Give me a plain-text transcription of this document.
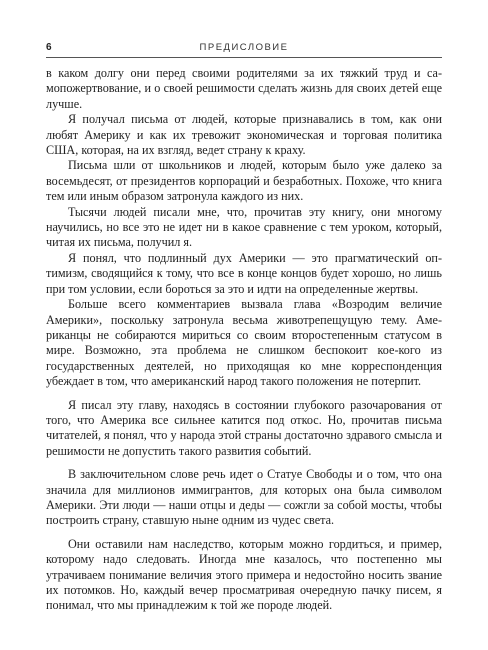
6	ПРЕДИСЛОВИЕ

в каком долгу они перед своими родителями за их тяжкий труд и самопожертвование, и о своей решимости сделать жизнь для своих детей еще лучше.

Я получал письма от людей, которые признавались в том, как они любят Америку и как их тревожит экономическая и торговая политика США, которая, на их взгляд, ведет страну к краху.

Письма шли от школьников и людей, которым было уже далеко за восемьдесят, от президентов корпораций и безработных. Похоже, что книга тем или иным образом затронула каждого из них.

Тысячи людей писали мне, что, прочитав эту книгу, они многому научились, но все это не идет ни в какое сравнение с тем уроком, который, читая их письма, получил я.

Я понял, что подлинный дух Америки — это прагматический оптимизм, сводящийся к тому, что все в конце концов будет хорошо, но лишь при том условии, если бороться за это и идти на определенные жертвы.

Больше всего комментариев вызвала глава «Возродим величие Америки», поскольку затронула весьма животрепещущую тему. Американцы не собираются мириться со своим второстепенным статусом в мире. Возможно, эта проблема не слишком беспокоит кое-кого из государственных деятелей, но приходящая ко мне корреспонденция убеждает в том, что американский народ такого положения не потерпит.

Я писал эту главу, находясь в состоянии глубокого разочарования от того, что Америка все сильнее катится под откос. Но, прочитав письма читателей, я понял, что у народа этой страны достаточно здравого смысла и решимости не допустить такого развития событий.

В заключительном слове речь идет о Статуе Свободы и о том, что она значила для миллионов иммигрантов, для которых она была символом Америки. Эти люди — наши отцы и деды — сожгли за собой мосты, чтобы построить страну, ставшую ныне одним из чудес света.

Они оставили нам наследство, которым можно гордиться, и пример, которому надо следовать. Иногда мне казалось, что постепенно мы утрачиваем понимание величия этого примера и недостойно носить звание их потомков. Но, каждый вечер просматривая очередную пачку писем, я понимал, что мы принадлежим к той же породе людей.
